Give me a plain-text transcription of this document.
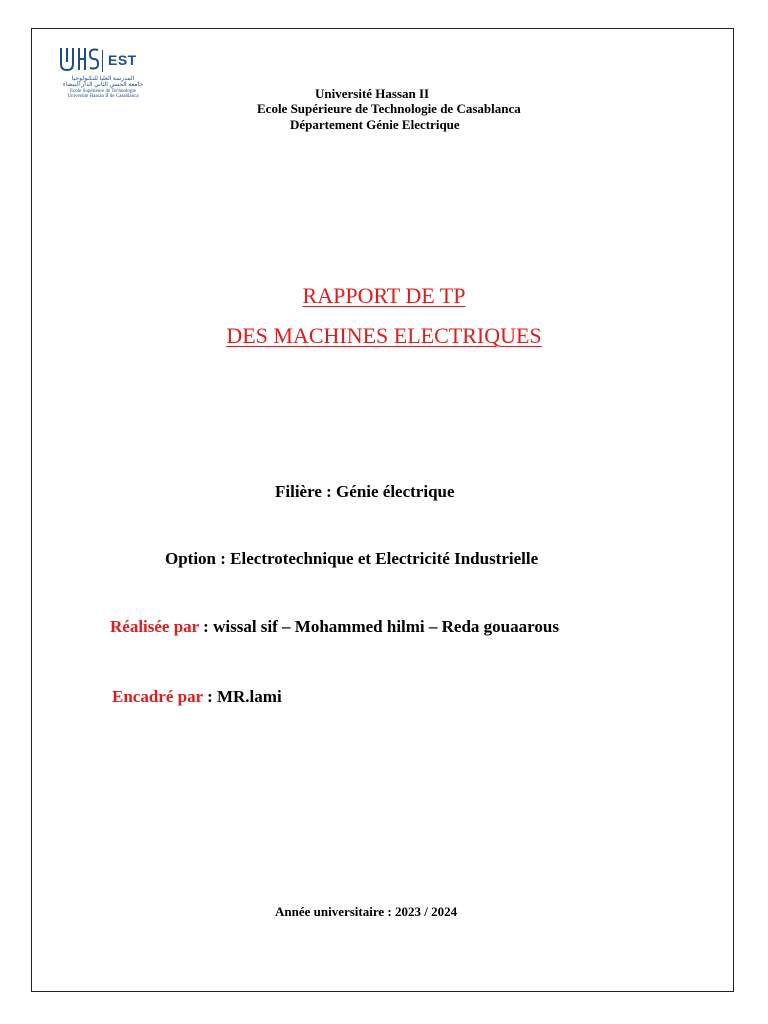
EST
المدرسة العليا للتكنولوجيا
جامعة الحسن الثاني الدار البيضاء
Ecole Supérieure de Technologie
Université Hassan II de Casablanca	Université Hassan II
Ecole Supérieure de Technologie de Casablanca
Département Génie Electrique
RAPPORT DE TP
DES MACHINES ELECTRIQUES
Filière : Génie électrique
Option : Electrotechnique et Electricité Industrielle
Réalisée par : wissal sif – Mohammed hilmi – Reda gouaarous
Encadré par : MR.lami
Année universitaire : 2023 / 2024
